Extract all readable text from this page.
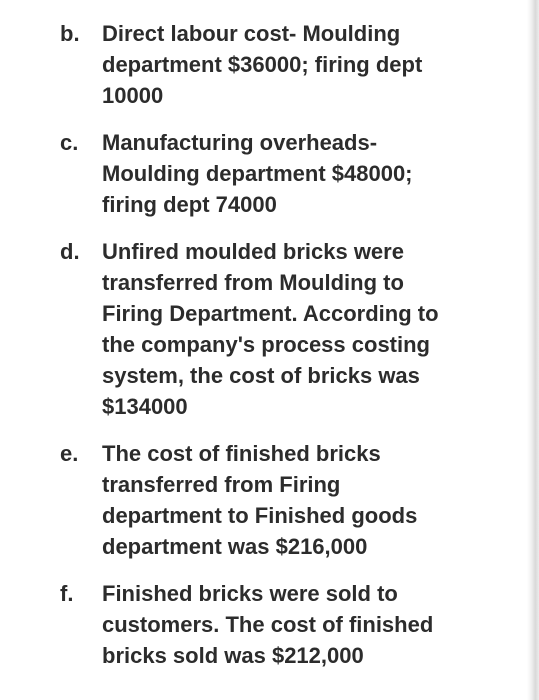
b.	Direct labour cost- Moulding
department $36000; firing dept
10000
c.	Manufacturing overheads-
Moulding department $48000;
firing dept 74000
d.	Unfired moulded bricks were
transferred from Moulding to
Firing Department. According to
the company's process costing
system, the cost of bricks was
$134000
e.	The cost of finished bricks
transferred from Firing
department to Finished goods
department was $216,000
f.	Finished bricks were sold to
customers. The cost of finished
bricks sold was $212,000
